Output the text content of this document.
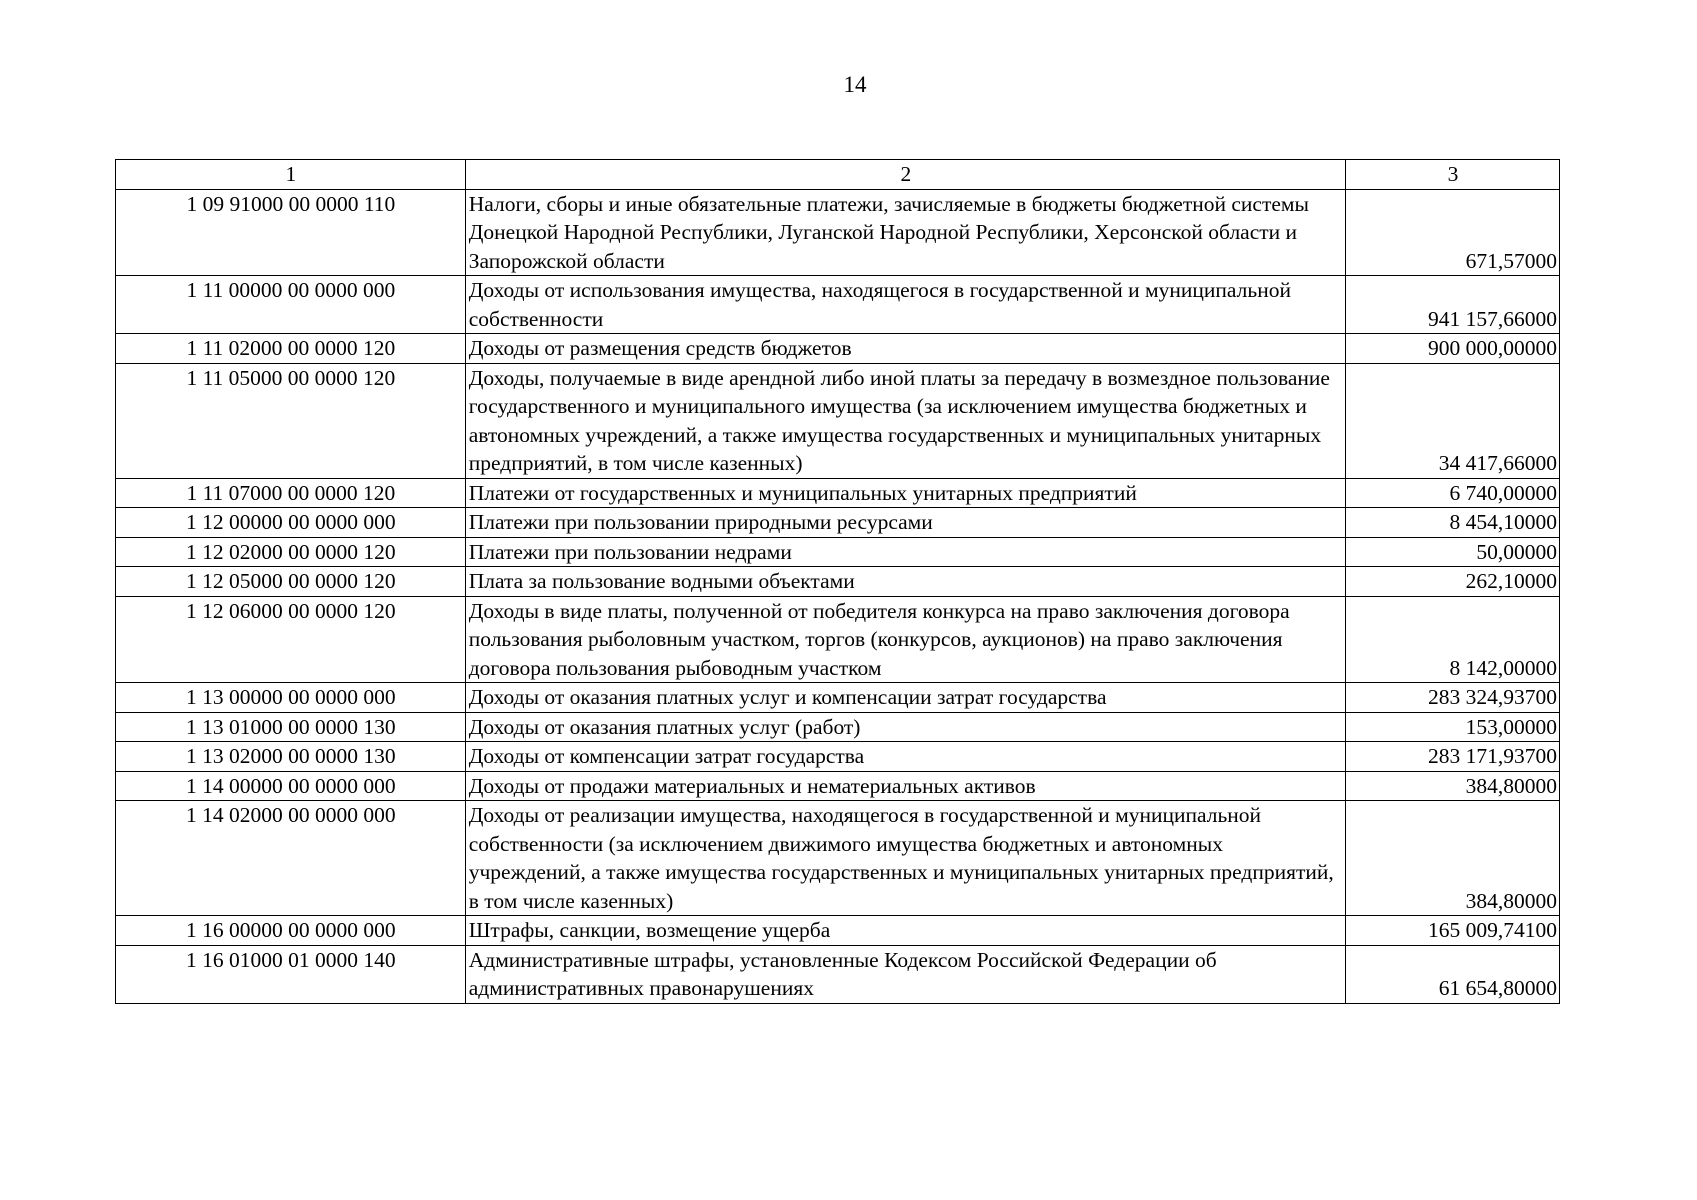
14
1	2	3
1 09 91000 00 0000 110	Налоги, сборы и иные обязательные платежи, зачисляемые в бюджеты бюджетной системы Донецкой Народной Республики, Луганской Народной Республики, Херсонской области и Запорожской области	671,57000
1 11 00000 00 0000 000	Доходы от использования имущества, находящегося в государственной и муниципальной собственности	941 157,66000
1 11 02000 00 0000 120	Доходы от размещения средств бюджетов	900 000,00000
1 11 05000 00 0000 120	Доходы, получаемые в виде арендной либо иной платы за передачу в возмездное пользование государственного и муниципального имущества (за исключением имущества бюджетных и автономных учреждений, а также имущества государственных и муниципальных унитарных предприятий, в том числе казенных)	34 417,66000
1 11 07000 00 0000 120	Платежи от государственных и муниципальных унитарных предприятий	6 740,00000
1 12 00000 00 0000 000	Платежи при пользовании природными ресурсами	8 454,10000
1 12 02000 00 0000 120	Платежи при пользовании недрами	50,00000
1 12 05000 00 0000 120	Плата за пользование водными объектами	262,10000
1 12 06000 00 0000 120	Доходы в виде платы, полученной от победителя конкурса на право заключения договора пользования рыболовным участком, торгов (конкурсов, аукционов) на право заключения договора пользования рыбоводным участком	8 142,00000
1 13 00000 00 0000 000	Доходы от оказания платных услуг и компенсации затрат государства	283 324,93700
1 13 01000 00 0000 130	Доходы от оказания платных услуг (работ)	153,00000
1 13 02000 00 0000 130	Доходы от компенсации затрат государства	283 171,93700
1 14 00000 00 0000 000	Доходы от продажи материальных и нематериальных активов	384,80000
1 14 02000 00 0000 000	Доходы от реализации имущества, находящегося в государственной и муниципальной собственности (за исключением движимого имущества бюджетных и автономных учреждений, а также имущества государственных и муниципальных унитарных предприятий, в том числе казенных)	384,80000
1 16 00000 00 0000 000	Штрафы, санкции, возмещение ущерба	165 009,74100
1 16 01000 01 0000 140	Административные штрафы, установленные Кодексом Российской Федерации об административных правонарушениях	61 654,80000
